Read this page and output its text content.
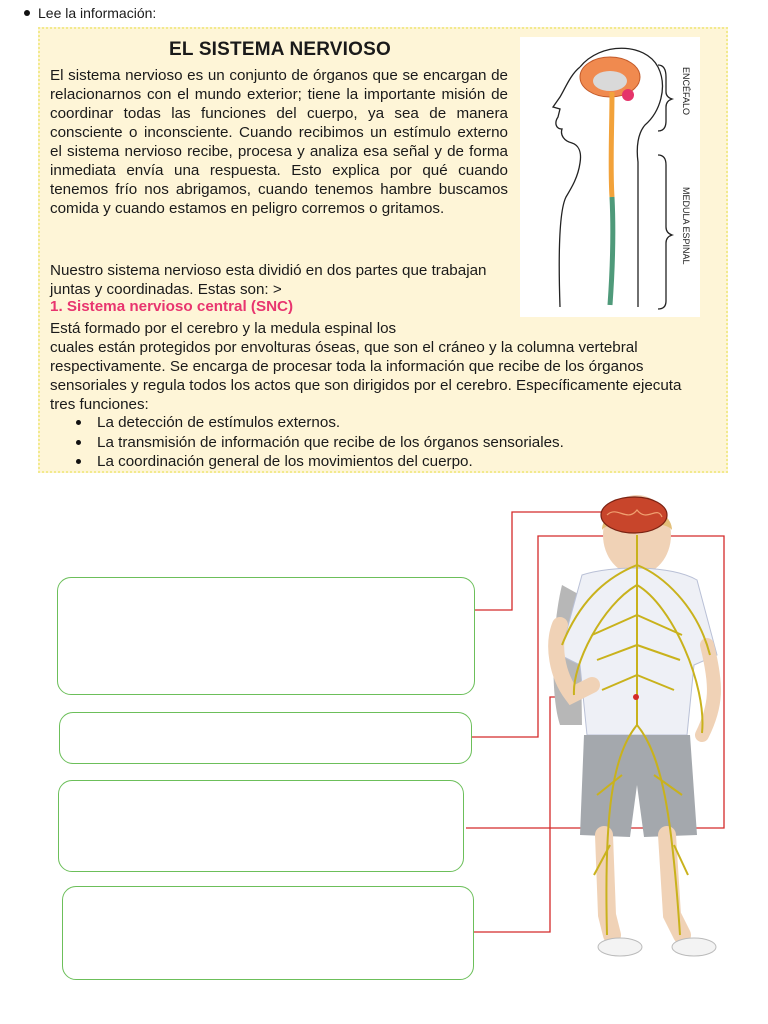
Lee la información:
EL SISTEMA NERVIOSO

El sistema nervioso es un conjunto de órganos que se encargan de relacionarnos con el mundo exterior; tiene la importante misión de coordinar todas las funciones del cuerpo, ya sea de manera consciente o inconsciente. Cuando recibimos un estímulo externo el sistema nervioso recibe, procesa y analiza esa señal y de forma inmediata envía una respuesta. Esto explica por qué cuando tenemos frío nos abrigamos, cuando tenemos hambre buscamos comida y cuando estamos en peligro corremos o gritamos.

Nuestro sistema nervioso esta dividió en dos partes que trabajan juntas y coordinadas. Estas son: >

1. Sistema nervioso central (SNC)

Está formado por el cerebro y la medula espinal los

cuales están protegidos por envolturas óseas, que son el cráneo y la columna vertebral respectivamente. Se encarga de procesar toda la información que recibe de los órganos sensoriales y regula todos los actos que son dirigidos por el cerebro. Específicamente ejecuta tres funciones:

La detección de estímulos externos.
La transmisión de información que recibe de los órganos sensoriales.
La coordinación general de los movimientos del cuerpo.
ENCÉFALO
MEDULA ESPINAL
